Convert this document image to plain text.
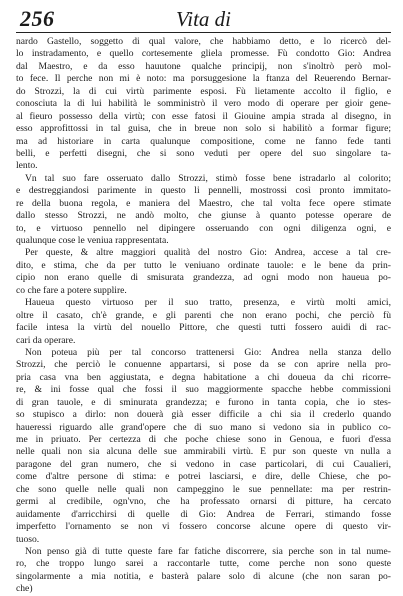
256	Vita di
nardo Gastello, soggetto di qual valore, che habbiamo detto, e lo ricercò del-
lo instradamento, e quello cortesemente gliela promesse. Fù condotto Gio: Andrea
dal Maestro, e da esso hauutone qualche principij, non s'inoltrò però mol-
to fece. Il perche non mi è noto: ma porsuggesione la ftanza del Reuerendo Bernar-
do Strozzi, la di cui virtù parimente esposi. Fù lietamente accolto il figlio, e
conosciuta la di lui habilità le somministrò il vero modo di operare per gioir gene-
al fieuro possesso della virtù; con esse fatosi il Giouine ampia strada al disegno, in
esso approfittossi in tal guisa, che in breue non solo si habilitò a formar figure;
ma ad historiare in carta qualunque compositione, come ne fanno fede tanti
belli, e perfetti disegni, che si sono veduti per opere del suo singolare ta-
lento.
Vn tal suo fare osseruato dallo Strozzi, stimò fosse bene istradarlo al colorito;
e destreggiandosi parimente in questo li pennelli, mostrossi così pronto immitato-
re della buona regola, e maniera del Maestro, che tal volta fece opere stimate
dallo stesso Strozzi, ne andò molto, che giunse à quanto potesse operare de
to, e virtuoso pennello nel dipingere osseruando con ogni diligenza ogni, e
qualunque cose le veniua rappresentata.
Per queste, & altre maggiori qualità del nostro Gio: Andrea, accese a tal cre-
dito, e stima, che da per tutto le veniuano ordinate tauole: e le bene da prin-
cipio non erano quelle di smisurata grandezza, ad ogni modo non haueua po-
co che fare a potere supplire.
Haueua questo virtuoso per il suo tratto, presenza, e virtù molti amici,
oltre il casato, ch'è grande, e gli parenti che non erano pochi, che perciò fù
facile intesa la virtù del nouello Pittore, che questi tutti fossero auidi di rac-
cari da operare.
Non poteua più per tal concorso trattenersi Gio: Andrea nella stanza dello
Strozzi, che perciò le conuenne appartarsi, si pose da se con aprire nella pro-
pria casa vna ben aggiustata, e degna habitatione a chi doueua da chi ricorre-
re, & ini fosse qual che fossi il suo maggiormente spacche hebbe commissioni
di gran tauole, e di sminurata grandezza; e furono in tanta copia, che io stes-
so stupisco a dirlo: non douerà già esser difficile a chi sia il crederlo quando
haueressi riguardo alle grand'opere che di suo mano si vedono sia in publico co-
me in priuato. Per certezza di che poche chiese sono in Genoua, e fuori d'essa
nelle quali non sia alcuna delle sue ammirabili virtù. E pur son queste vn nulla a
paragone del gran numero, che si vedono in case particolari, di cui Caualieri,
come d'altre persone di stima: e potrei lasciarsi, e dire, delle Chiese, che po-
che sono quelle nelle quali non campeggino le sue pennellate: ma per restrin-
germi al credibile, ogn'vno, che ha professato ornarsi di pitture, ha cercato
auidamente d'arricchirsi di quelle di Gio: Andrea de Ferrari, stimando fosse
imperfetto l'ornamento se non vi fossero concorse alcune opere di questo vir-
tuoso.
Non penso già di tutte queste fare far fatiche discorrere, sia perche son in tal nume-
ro, che troppo lungo sarei a raccontarle tutte, come perche non sono queste
singolarmente a mia notitia, e basterà palare solo di alcune (che non saran po-
che)
